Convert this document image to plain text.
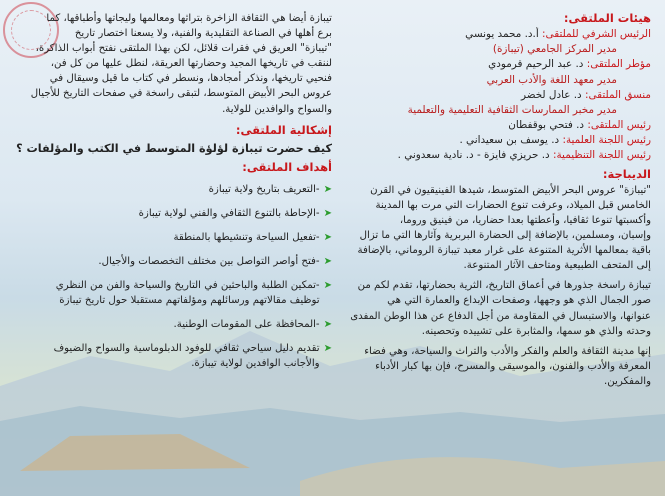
هيئات الملتقى:

الرئيس الشرفي للملتقى: أ.د. محمد يونسي

مدير المركز الجامعي (تيبازة)

مؤطر الملتقى: د. عبد الرحيم قرمودي

مدير معهد اللغة والأدب العربي

منسق الملتقى: د. عادل لخضر

مدير مخبر الممارسات الثقافية التعليمية والتعلمية

رئيس الملتقى: د. فتحي بوقفطان

رئيس اللجنة العلمية: د. يوسف بن سعيداني .

رئيس اللجنة التنظيمية: د. حريزي فايزة - د. نادية سعدوني .

الديباجة:

"تيبازة" عروس البحر الأبيض المتوسط، شيدها الفينيقيون في القرن

الخامس قبل الميلاد، وعرفت تنوع الحضارات التي مرت بها المدينة

وأكسبتها تنوعا ثقافيا، وأعطتها بعدا حضاريا، من فينيق وروما،

وإسبان، ومسلمين، بالإضافة إلى الحضارة البربرية وآثارها التي ما تزال

باقية بمعالمها الأثرية المتنوعة على غرار معبد تيبازة الروماني، بالإضافة

إلى المتحف الطبيعية ومتاحف الآثار المتنوعة.

تيبازة راسخة جذورها في أعماق التاريخ، الثرية بحضارتها، تقدم لكم من

صور الجمال الذي هو وجهها، وصفحات الإبداع والعمارة التي هي

عنوانها، والاستبسال في المقاومة من أجل الدفاع عن هذا الوطن المفدى

وحدته والذي هو سمها، والمثابرة على تشييده وتحصينه.

إنها مدينة الثقافة والعلم والفكر والأدب والتراث والسياحة، وهي فضاء

المعرفة والأدب والفنون، والموسيقى والمسرح، فإن بها كبار الأدباء

والمفكرين.

تيبازة أيضا هي الثقافة الزاخرة بتراثها ومعالمها وليجاتها وأطباقها، كما

برع أهلها في الصناعة التقليدية والفنية، ولا يسعنا اختصار تاريخ

"تيبازة" العريق في فقرات قلائل، لكن بهذا الملتقى نفتح أبواب الذاكرة،

لننقب في تاريخها المجيد وحضارتها العريقة، لنطل عليها من كل فن،

فنحيي تاريخها، ونذكر أمجادها، ونسطر في كتاب ما قيل وسيقال في

عروس البحر الأبيض المتوسط، لتبقى راسخة في صفحات التاريخ للأجيال

والسواح والوافدين للولاية.

إشكالية الملتقى:

كيف حضرت تيبازة لؤلؤة المتوسط في الكتب والمؤلفات ؟

أهداف الملتقى:

➤
-التعريف بتاريخ ولاية تيبازة
➤
-الإحاطة بالتنوع الثقافي والفني لولاية تيبازة
➤
-تفعيل السياحة وتنشيطها بالمنطقة
➤
-فتح أواصر التواصل بين مختلف التخصصات والأجيال.
➤
-تمكين الطلبة والباحثين في التاريخ والسياحة والفن من النظري
توظيف مقالاتهم ورسائلهم ومؤلفاتهم مستقبلا حول تاريخ تيبازة
➤
-المحافظة على المقومات الوطنية.
➤
تقديم دليل سياحي ثقافي للوفود الدبلوماسية والسواح والضيوف
والأجانب الوافدين لولاية تيبازة.
